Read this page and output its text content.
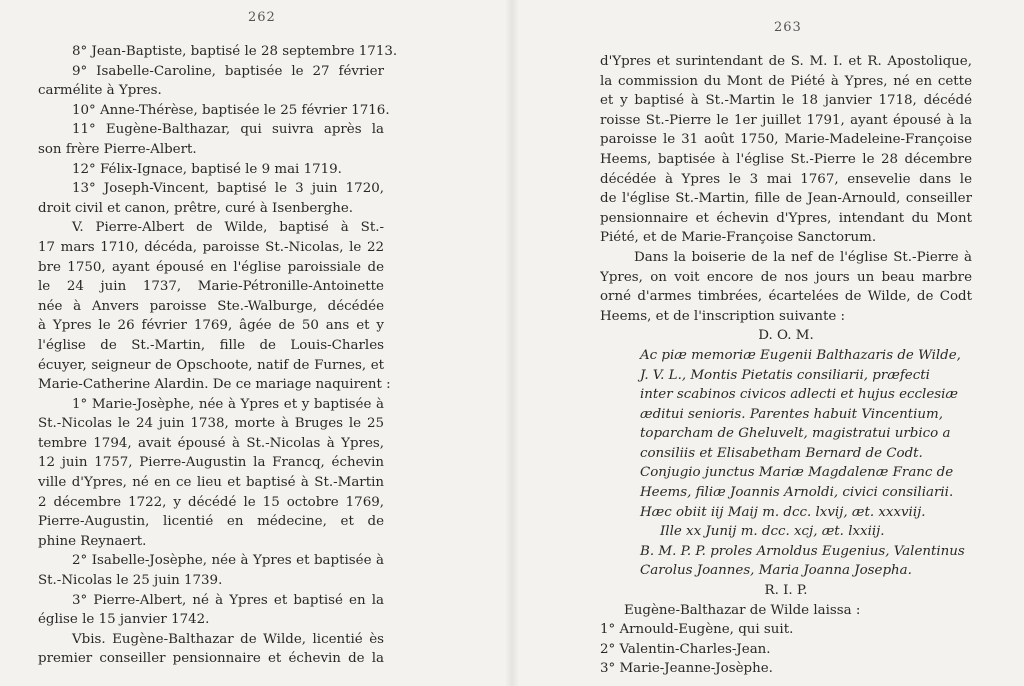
262
8° Jean-Baptiste, baptisé le 28 septembre 1713.
9° Isabelle-Caroline, baptisée le 27 février
carmélite à Ypres.
10° Anne-Thérèse, baptisée le 25 février 1716.
11° Eugène-Balthazar, qui suivra après la
son frère Pierre-Albert.
12° Félix-Ignace, baptisé le 9 mai 1719.
13° Joseph-Vincent, baptisé le 3 juin 1720,
droit civil et canon, prêtre, curé à Isenberghe.
V. Pierre-Albert de Wilde, baptisé à St.-
17 mars 1710, décéda, paroisse St.-Nicolas, le 22
bre 1750, ayant épousé en l'église paroissiale de
le 24 juin 1737, Marie-Pétronille-Antoinette
née à Anvers paroisse Ste.-Walburge, décédée
à Ypres le 26 février 1769, âgée de 50 ans et y
l'église de St.-Martin, fille de Louis-Charles
écuyer, seigneur de Opschoote, natif de Furnes, et
Marie-Catherine Alardin. De ce mariage naquirent :
1° Marie-Josèphe, née à Ypres et y baptisée à
St.-Nicolas le 24 juin 1738, morte à Bruges le 25
tembre 1794, avait épousé à St.-Nicolas à Ypres,
12 juin 1757, Pierre-Augustin la Francq, échevin
ville d'Ypres, né en ce lieu et baptisé à St.-Martin
2 décembre 1722, y décédé le 15 octobre 1769,
Pierre-Augustin, licentié en médecine, et de
phine Reynaert.
2° Isabelle-Josèphe, née à Ypres et baptisée à
St.-Nicolas le 25 juin 1739.
3° Pierre-Albert, né à Ypres et baptisé en la
église le 15 janvier 1742.
Vbis. Eugène-Balthazar de Wilde, licentié ès
premier conseiller pensionnaire et échevin de la
263
d'Ypres et surintendant de S. M. I. et R. Apostolique,
la commission du Mont de Piété à Ypres, né en cette
et y baptisé à St.-Martin le 18 janvier 1718, décédé
roisse St.-Pierre le 1er juillet 1791, ayant épousé à la
paroisse le 31 août 1750, Marie-Madeleine-Françoise
Heems, baptisée à l'église St.-Pierre le 28 décembre
décédée à Ypres le 3 mai 1767, ensevelie dans le
de l'église St.-Martin, fille de Jean-Arnould, conseiller
pensionnaire et échevin d'Ypres, intendant du Mont
Piété, et de Marie-Françoise Sanctorum.
Dans la boiserie de la nef de l'église St.-Pierre à
Ypres, on voit encore de nos jours un beau marbre
orné d'armes timbrées, écartelées de Wilde, de Codt
Heems, et de l'inscription suivante :
D. O. M.
Ac piæ memoriæ Eugenii Balthazaris de Wilde,
J. V. L., Montis Pietatis consiliarii, præfecti
inter scabinos civicos adlecti et hujus ecclesiæ
æditui senioris. Parentes habuit Vincentium,
toparcham de Gheluvelt, magistratui urbico a
consiliis et Elisabetham Bernard de Codt.
Conjugio junctus Mariæ Magdalenæ Franc de
Heems, filiæ Joannis Arnoldi, civici consiliarii.
Hæc obiit iij Maij m. dcc. lxvij, æt. xxxviij.
Ille xx Junij m. dcc. xcj, æt. lxxiij.
B. M. P. P. proles Arnoldus Eugenius, Valentinus
Carolus Joannes, Maria Joanna Josepha.
R. I. P.
Eugène-Balthazar de Wilde laissa :
1° Arnould-Eugène, qui suit.
2° Valentin-Charles-Jean.
3° Marie-Jeanne-Josèphe.
